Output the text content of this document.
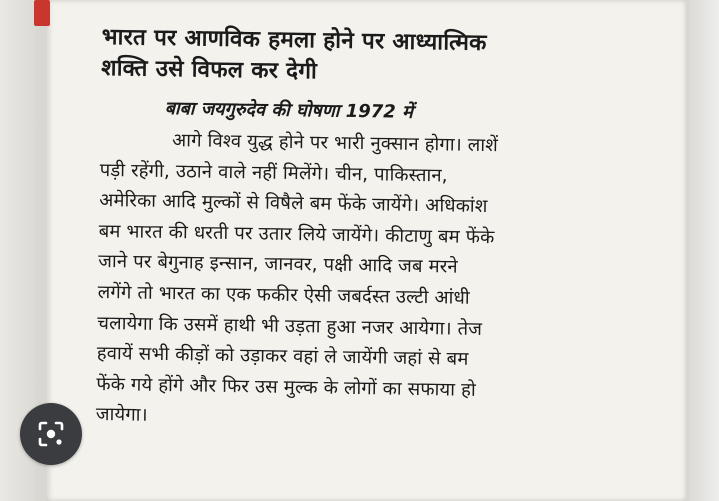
भारत पर आणविक हमला होने पर आध्यात्मिक
शक्ति उसे विफल कर देगी
बाबा जयगुरुदेव की घोषणा 1972 में

आगे विश्व युद्ध होने पर भारी नुक्सान होगा। लाशें
पड़ी रहेंगी, उठाने वाले नहीं मिलेंगे। चीन, पाकिस्तान,
अमेरिका आदि मुल्कों से विषैले बम फेंके जायेंगे। अधिकांश
बम भारत की धरती पर उतार लिये जायेंगे। कीटाणु बम फेंके
जाने पर बेगुनाह इन्सान, जानवर, पक्षी आदि जब मरने
लगेंगे तो भारत का एक फकीर ऐसी जबर्दस्त उल्टी आंधी
चलायेगा कि उसमें हाथी भी उड़ता हुआ नजर आयेगा। तेज
हवायें सभी कीड़ों को उड़ाकर वहां ले जायेंगी जहां से बम
फेंके गये होंगे और फिर उस मुल्क के लोगों का सफाया हो
जायेगा।
